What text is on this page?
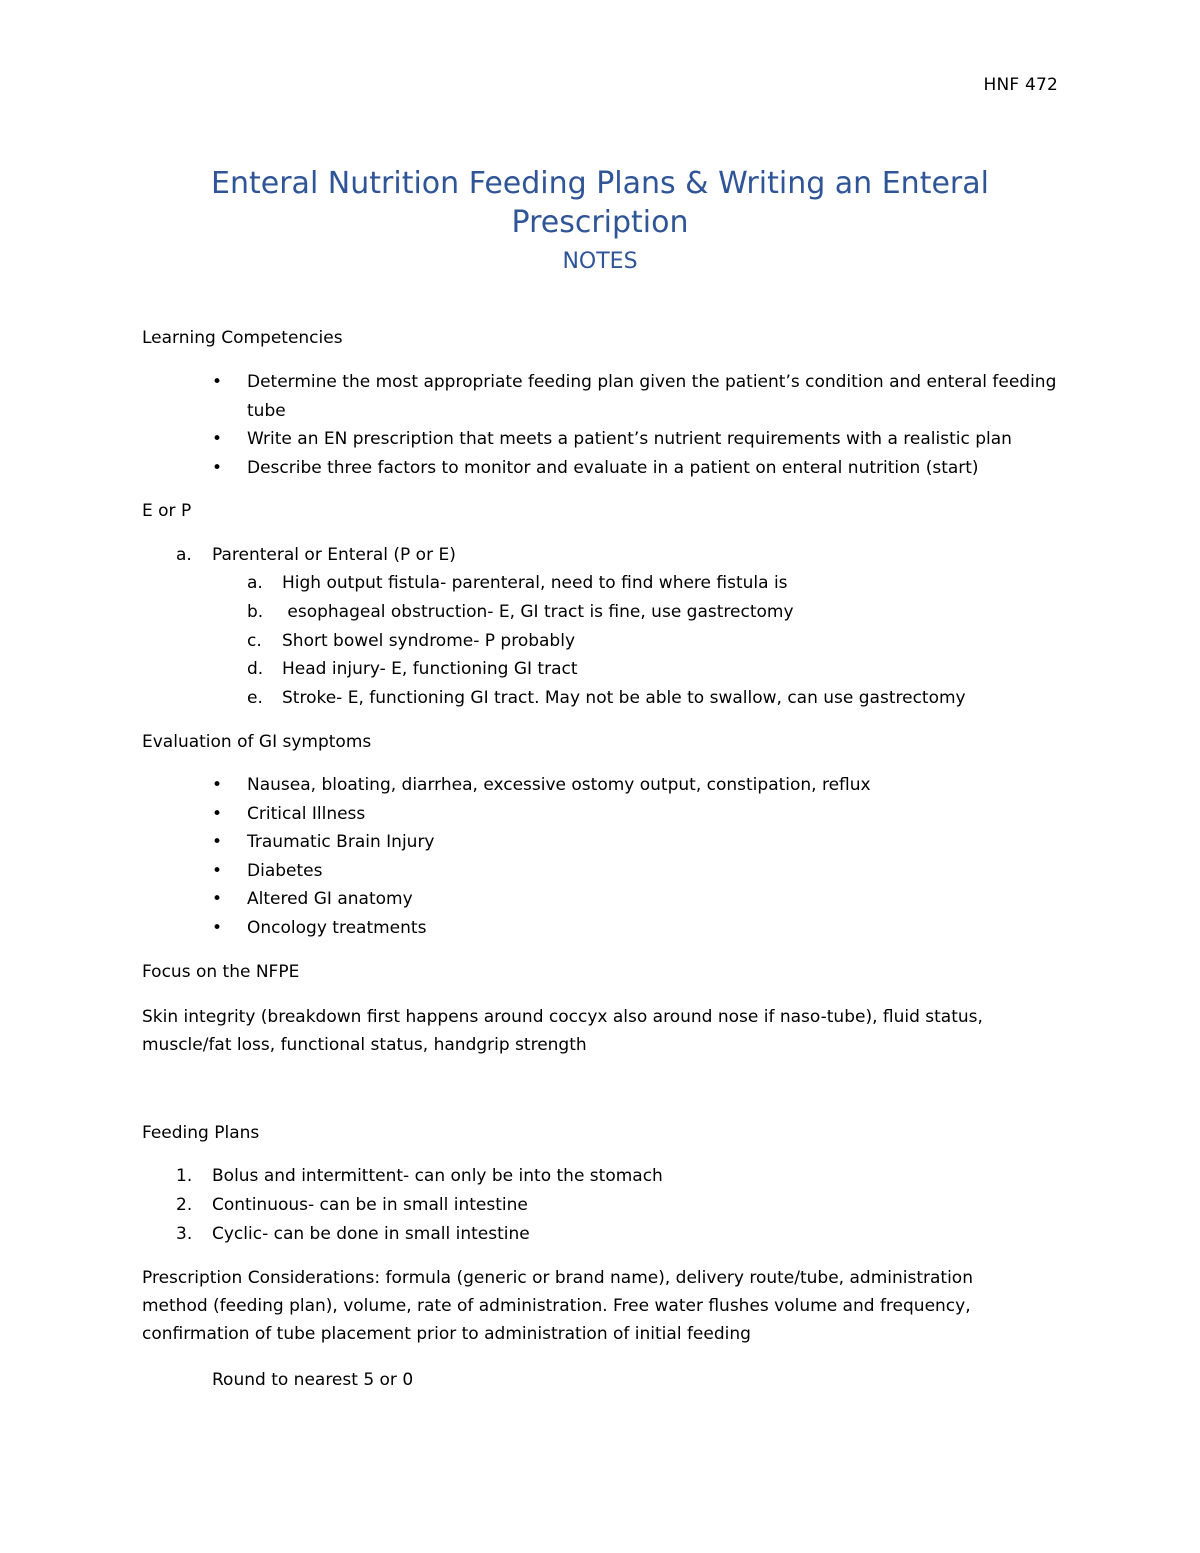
HNF 472
Enteral Nutrition Feeding Plans & Writing an Enteral
Prescription
NOTES
Learning Competencies
• Determine the most appropriate feeding plan given the patient’s condition and enteral feeding tube
• Write an EN prescription that meets a patient’s nutrient requirements with a realistic plan
• Describe three factors to monitor and evaluate in a patient on enteral nutrition (start)
E or P
a. Parenteral or Enteral (P or E)
a. High output fistula- parenteral, need to find where fistula is
b. esophageal obstruction- E, GI tract is fine, use gastrectomy
c. Short bowel syndrome- P probably
d. Head injury- E, functioning GI tract
e. Stroke- E, functioning GI tract. May not be able to swallow, can use gastrectomy
Evaluation of GI symptoms
• Nausea, bloating, diarrhea, excessive ostomy output, constipation, reflux
• Critical Illness
• Traumatic Brain Injury
• Diabetes
• Altered GI anatomy
• Oncology treatments
Focus on the NFPE
Skin integrity (breakdown first happens around coccyx also around nose if naso-tube), fluid status,
muscle/fat loss, functional status, handgrip strength
Feeding Plans
1. Bolus and intermittent- can only be into the stomach
2. Continuous- can be in small intestine
3. Cyclic- can be done in small intestine
Prescription Considerations: formula (generic or brand name), delivery route/tube, administration
method (feeding plan), volume, rate of administration. Free water flushes volume and frequency,
confirmation of tube placement prior to administration of initial feeding
Round to nearest 5 or 0
